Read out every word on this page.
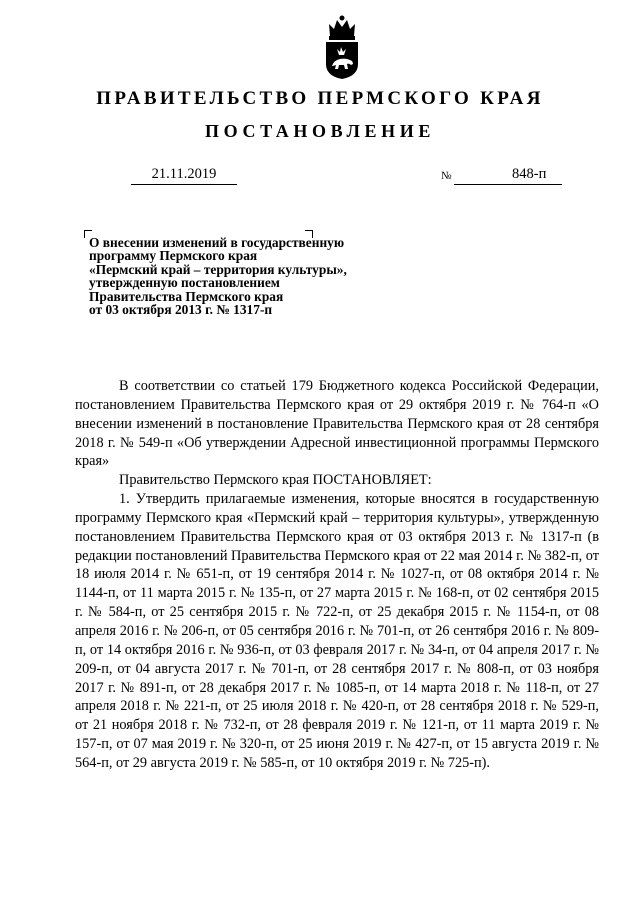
ПРАВИТЕЛЬСТВО ПЕРМСКОГО КРАЯ
ПОСТАНОВЛЕНИЕ
21.11.2019	№	848-п
О внесении изменений в государственную
программу Пермского края
«Пермский край – территория культуры»,
утвержденную постановлением
Правительства Пермского края
от 03 октября 2013 г. № 1317-п

В соответствии со статьей 179 Бюджетного кодекса Российской Федерации, постановлением Правительства Пермского края от 29 октября 2019 г. № 764-п «О внесении изменений в постановление Правительства Пермского края от 28 сентября 2018 г. № 549-п «Об утверждении Адресной инвестиционной программы Пермского края»

Правительство Пермского края ПОСТАНОВЛЯЕТ:

1. Утвердить прилагаемые изменения, которые вносятся в государственную программу Пермского края «Пермский край – территория культуры», утвержденную постановлением Правительства Пермского края от 03 октября 2013 г. № 1317-п (в редакции постановлений Правительства Пермского края от 22 мая 2014 г. № 382-п, от 18 июля 2014 г. № 651-п, от 19 сентября 2014 г. № 1027-п, от 08 октября 2014 г. № 1144-п, от 11 марта 2015 г. № 135-п, от 27 марта 2015 г. № 168-п, от 02 сентября 2015 г. № 584-п, от 25 сентября 2015 г. № 722-п, от 25 декабря 2015 г. № 1154-п, от 08 апреля 2016 г. № 206-п, от 05 сентября 2016 г. № 701-п, от 26 сентября 2016 г. № 809-п, от 14 октября 2016 г. № 936-п, от 03 февраля 2017 г. № 34-п, от 04 апреля 2017 г. № 209-п, от 04 августа 2017 г. № 701-п, от 28 сентября 2017 г. № 808-п, от 03 ноября 2017 г. № 891-п, от 28 декабря 2017 г. № 1085-п, от 14 марта 2018 г. № 118-п, от 27 апреля 2018 г. № 221-п, от 25 июля 2018 г. № 420-п, от 28 сентября 2018 г. № 529-п, от 21 ноября 2018 г. № 732-п, от 28 февраля 2019 г. № 121-п, от 11 марта 2019 г. № 157-п, от 07 мая 2019 г. № 320-п, от 25 июня 2019 г. № 427-п, от 15 августа 2019 г. № 564-п, от 29 августа 2019 г. № 585-п, от 10 октября 2019 г. № 725-п).
